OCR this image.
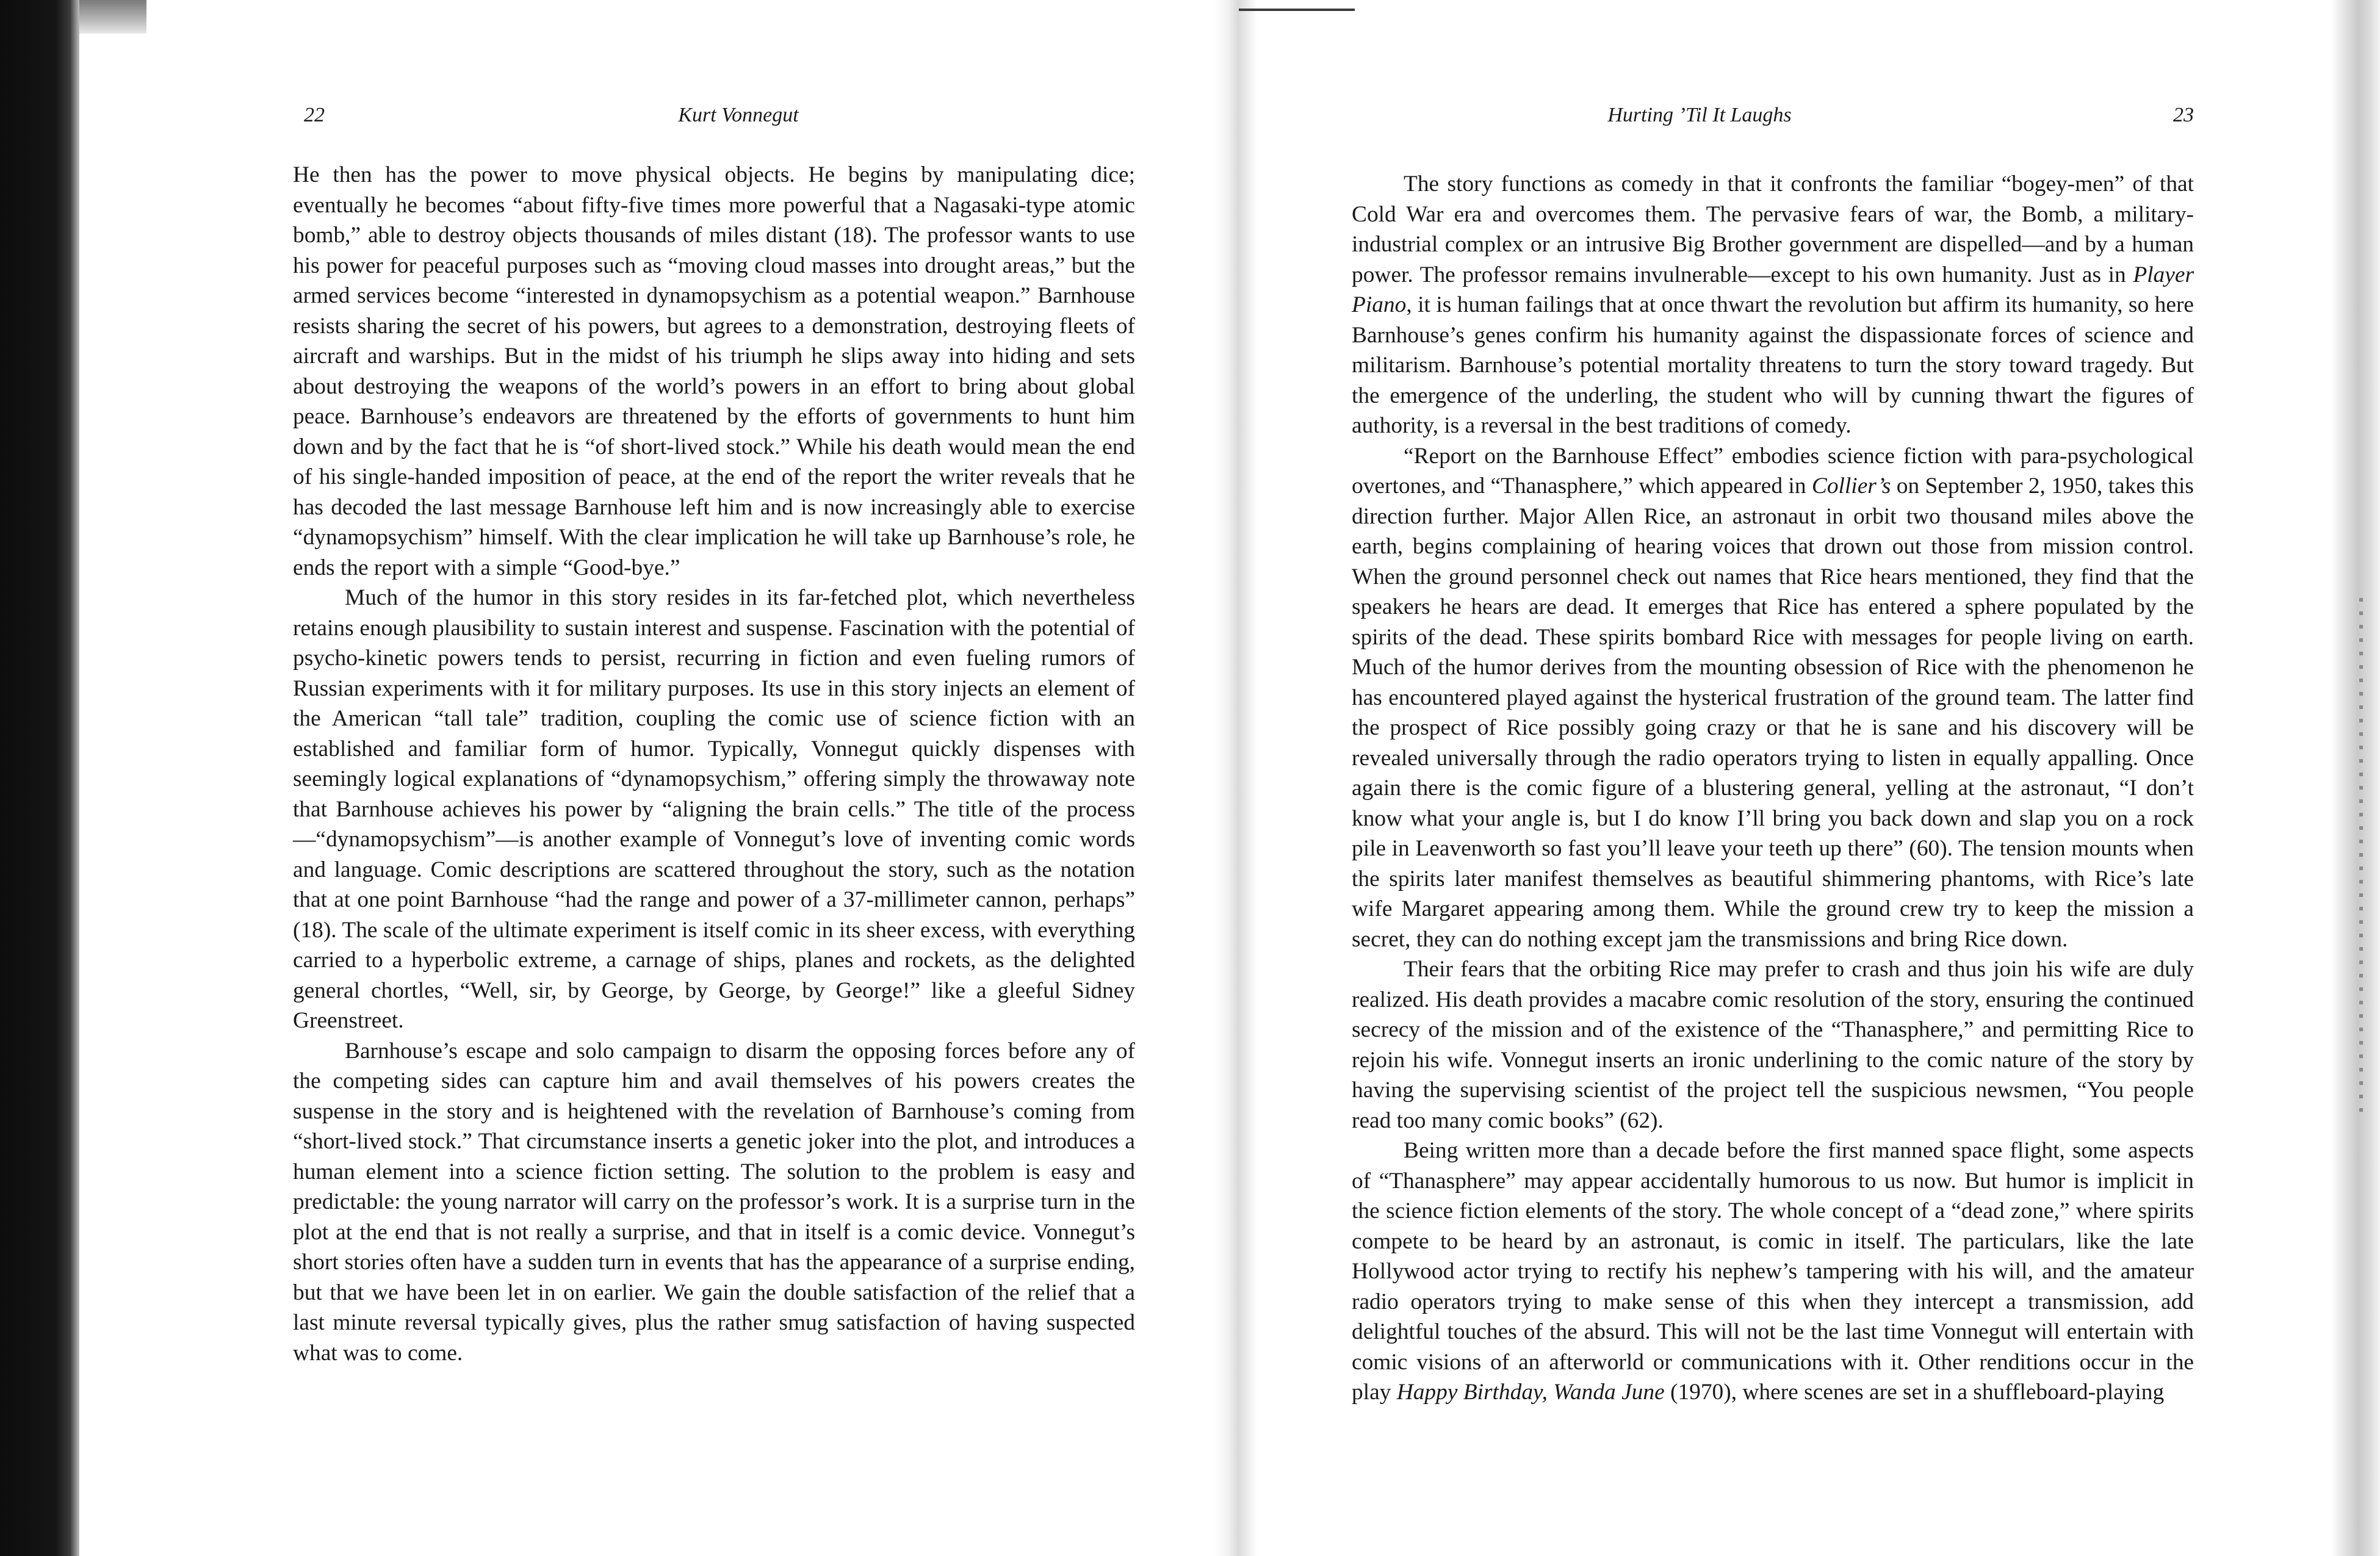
22	Kurt Vonnegut

He then has the power to move physical objects. He begins by manipulating dice; eventually he becomes “about fifty-five times more powerful that a Nagasaki-type atomic bomb,” able to destroy objects thousands of miles distant (18). The professor wants to use his power for peaceful purposes such as “moving cloud masses into drought areas,” but the armed services become “interested in dynamopsychism as a potential weapon.” Barnhouse resists sharing the secret of his powers, but agrees to a demonstration, destroying fleets of aircraft and warships. But in the midst of his triumph he slips away into hiding and sets about destroying the weapons of the world’s powers in an effort to bring about global peace. Barnhouse’s endeavors are threatened by the efforts of governments to hunt him down and by the fact that he is “of short-lived stock.” While his death would mean the end of his single-handed imposition of peace, at the end of the report the writer reveals that he has decoded the last message Barnhouse left him and is now increasingly able to exercise “dynamopsychism” himself. With the clear implication he will take up Barnhouse’s role, he ends the report with a simple “Good-bye.”

Much of the humor in this story resides in its far-fetched plot, which nevertheless retains enough plausibility to sustain interest and suspense. Fascination with the potential of psycho-kinetic powers tends to persist, recurring in fiction and even fueling rumors of Russian experiments with it for military purposes. Its use in this story injects an element of the American “tall tale” tradition, coupling the comic use of science fiction with an established and familiar form of humor. Typically, Vonnegut quickly dispenses with seemingly logical explanations of “dynamopsychism,” offering simply the throwaway note that Barnhouse achieves his power by “aligning the brain cells.” The title of the process—“dynamopsychism”—is another example of Vonnegut’s love of inventing comic words and language. Comic descriptions are scattered throughout the story, such as the notation that at one point Barnhouse “had the range and power of a 37-millimeter cannon, perhaps” (18). The scale of the ultimate experiment is itself comic in its sheer excess, with everything carried to a hyperbolic extreme, a carnage of ships, planes and rockets, as the delighted general chortles, “Well, sir, by George, by George, by George!” like a gleeful Sidney Greenstreet.

Barnhouse’s escape and solo campaign to disarm the opposing forces before any of the competing sides can capture him and avail themselves of his powers creates the suspense in the story and is heightened with the revelation of Barnhouse’s coming from “short-lived stock.” That circumstance inserts a genetic joker into the plot, and introduces a human element into a science fiction setting. The solution to the problem is easy and predictable: the young narrator will carry on the professor’s work. It is a surprise turn in the plot at the end that is not really a surprise, and that in itself is a comic device. Vonnegut’s short stories often have a sudden turn in events that has the appearance of a surprise ending, but that we have been let in on earlier. We gain the double satisfaction of the relief that a last minute reversal typically gives, plus the rather smug satisfaction of having suspected what was to come.

Hurting ’Til It Laughs	23

The story functions as comedy in that it confronts the familiar “bogey-men” of that Cold War era and overcomes them. The pervasive fears of war, the Bomb, a military-industrial complex or an intrusive Big Brother government are dispelled—and by a human power. The professor remains invulnerable—except to his own humanity. Just as in Player Piano, it is human failings that at once thwart the revolution but affirm its humanity, so here Barnhouse’s genes confirm his humanity against the dispassionate forces of science and militarism. Barnhouse’s potential mortality threatens to turn the story toward tragedy. But the emergence of the underling, the student who will by cunning thwart the figures of authority, is a reversal in the best traditions of comedy.

“Report on the Barnhouse Effect” embodies science fiction with para-psychological overtones, and “Thanasphere,” which appeared in Collier’s on September 2, 1950, takes this direction further. Major Allen Rice, an astronaut in orbit two thousand miles above the earth, begins complaining of hearing voices that drown out those from mission control. When the ground personnel check out names that Rice hears mentioned, they find that the speakers he hears are dead. It emerges that Rice has entered a sphere populated by the spirits of the dead. These spirits bombard Rice with messages for people living on earth. Much of the humor derives from the mounting obsession of Rice with the phenomenon he has encountered played against the hysterical frustration of the ground team. The latter find the prospect of Rice possibly going crazy or that he is sane and his discovery will be revealed universally through the radio operators trying to listen in equally appalling. Once again there is the comic figure of a blustering general, yelling at the astronaut, “I don’t know what your angle is, but I do know I’ll bring you back down and slap you on a rock pile in Leavenworth so fast you’ll leave your teeth up there” (60). The tension mounts when the spirits later manifest themselves as beautiful shimmering phantoms, with Rice’s late wife Margaret appearing among them. While the ground crew try to keep the mission a secret, they can do nothing except jam the transmissions and bring Rice down.

Their fears that the orbiting Rice may prefer to crash and thus join his wife are duly realized. His death provides a macabre comic resolution of the story, ensuring the continued secrecy of the mission and of the existence of the “Thanasphere,” and permitting Rice to rejoin his wife. Vonnegut inserts an ironic underlining to the comic nature of the story by having the supervising scientist of the project tell the suspicious newsmen, “You people read too many comic books” (62).

Being written more than a decade before the first manned space flight, some aspects of “Thanasphere” may appear accidentally humorous to us now. But humor is implicit in the science fiction elements of the story. The whole concept of a “dead zone,” where spirits compete to be heard by an astronaut, is comic in itself. The particulars, like the late Hollywood actor trying to rectify his nephew’s tampering with his will, and the amateur radio operators trying to make sense of this when they intercept a transmission, add delightful touches of the absurd. This will not be the last time Vonnegut will entertain with comic visions of an afterworld or communications with it. Other renditions occur in the play Happy Birthday, Wanda June (1970), where scenes are set in a shuffleboard-playing
